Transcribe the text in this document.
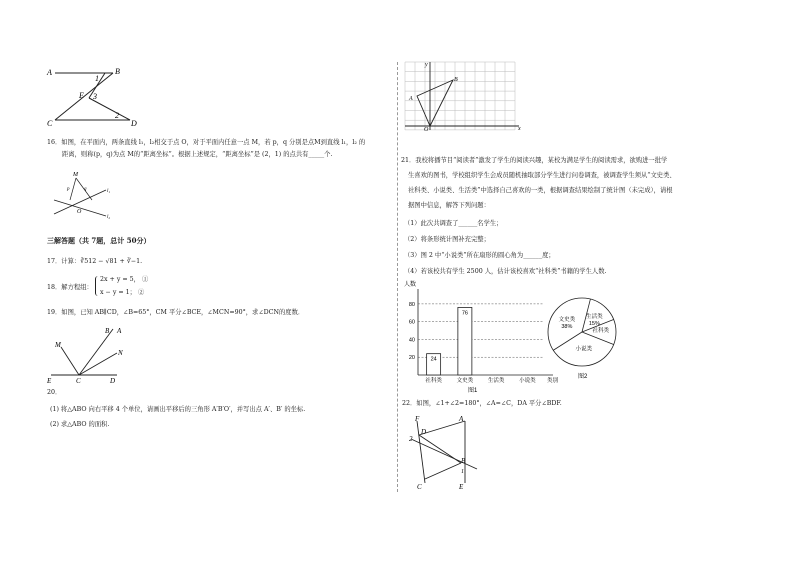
A	B
1
E 3
2
C	D
16．如图，在平面内，两条直线 l₁，l₂相交于点 O，对于平面内任意一点 M，若 p，q 分别是点M到直线 l₁，l₂ 的
距离，则称(p，q)为点 M的“距离坐标”。根据上述规定，“距离坐标”是 (2，1) 的点共有_____个.
M
p	q
O
l₁
l₂
三解答题（共 7题，总计 50分）
17．计算：∛512 − √81 + ∛−1.
18．解方程组：
2x + y = 5， ①
x − y = 1； ②
19．如图，已知 AB∥CD，∠B=65°，CM 平分∠BCE，∠MCN=90°，求∠DCN的度数．
M
B A
N
E	C	D
20．
(1) 将△ABO 向右平移 4 个单位，请画出平移后的三角形 A′B′O′，并写出点 A′、B′ 的坐标.
(2) 求△ABO 的面积.
y
x
O
A
B
21．我校将播节目“阅读者”激发了学生的阅读兴趣，某校为满足学生的阅读需求，欲购进一批学
生喜欢的图书，学校组织学生会成员随机抽取部分学生进行问卷调查，被调查学生须从“文史类、
社科类、小说类、生活类”中选择自己喜欢的一类，根据调查结果绘制了统计图（未完成），请根
据图中信息，解答下列问题：
（1）此次共调查了______名学生；
（2）将条形统计图补充完整；
（3）图 2 中“小说类”所在扇形的圆心角为______度；
（4）若该校共有学生 2500 人，估计该校喜欢“社科类”书籍的学生人数.
人数
20
40
60
80
24
社科类
76
文史类	生活类	小说类 类别
图1
生活类
15%
社科类
小说类
文史类
38%
图2
22．如图，∠1+∠2=180°，∠A=∠C，DA 平分∠BDF.
F
D
A
2
1
B
C	E
